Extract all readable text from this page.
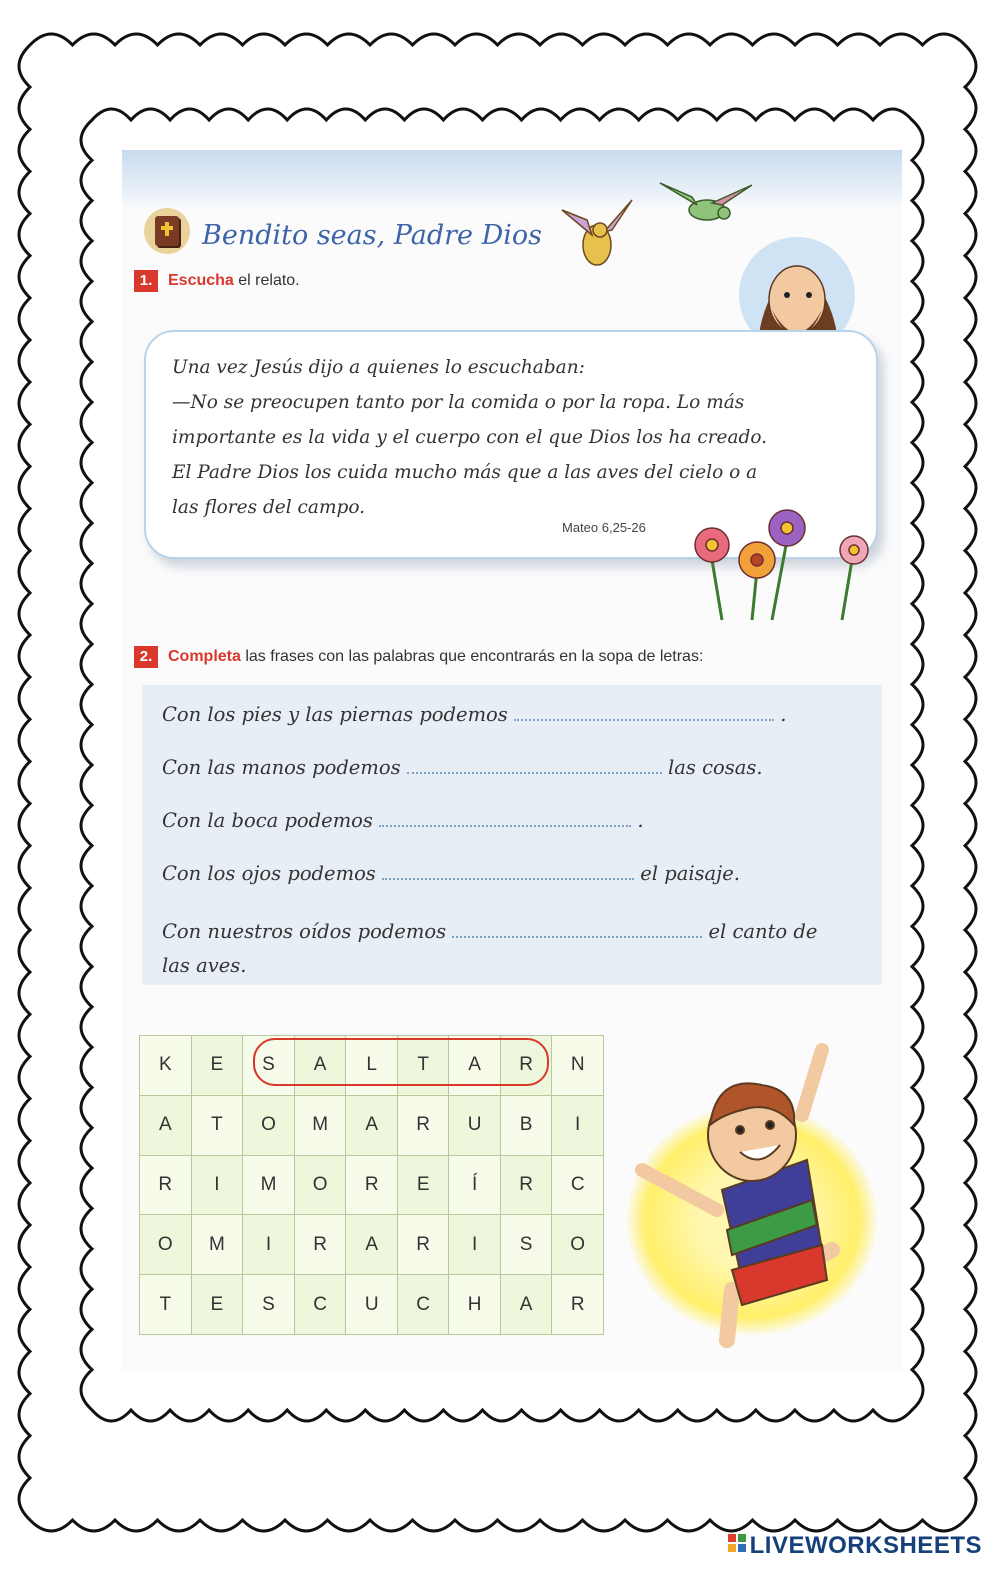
Bendito seas, Padre Dios
1. Escucha el relato.

Una vez Jesús dijo a quienes lo escuchaban:

—No se preocupen tanto por la comida o por la ropa. Lo más

importante es la vida y el cuerpo con el que Dios los ha creado.

El Padre Dios los cuida mucho más que a las aves del cielo o a

las flores del campo.

Mateo 6,25-26
2. Completa las frases con las palabras que encontrarás en la sopa de letras:
Con los pies y las piernas podemos	.
Con las manos podemos	las cosas.
Con la boca podemos	.
Con los ojos podemos	el paisaje.
Con nuestros oídos podemos	el canto de
las aves.
K	E	S	A	L	T	A	R	N
A	T	O	M	A	R	U	B	I
R	I	M	O	R	E	Í	R	C
O	M	I	R	A	R	I	S	O
T	E	S	C	U	C	H	A	R
LIVEWORKSHEETS
